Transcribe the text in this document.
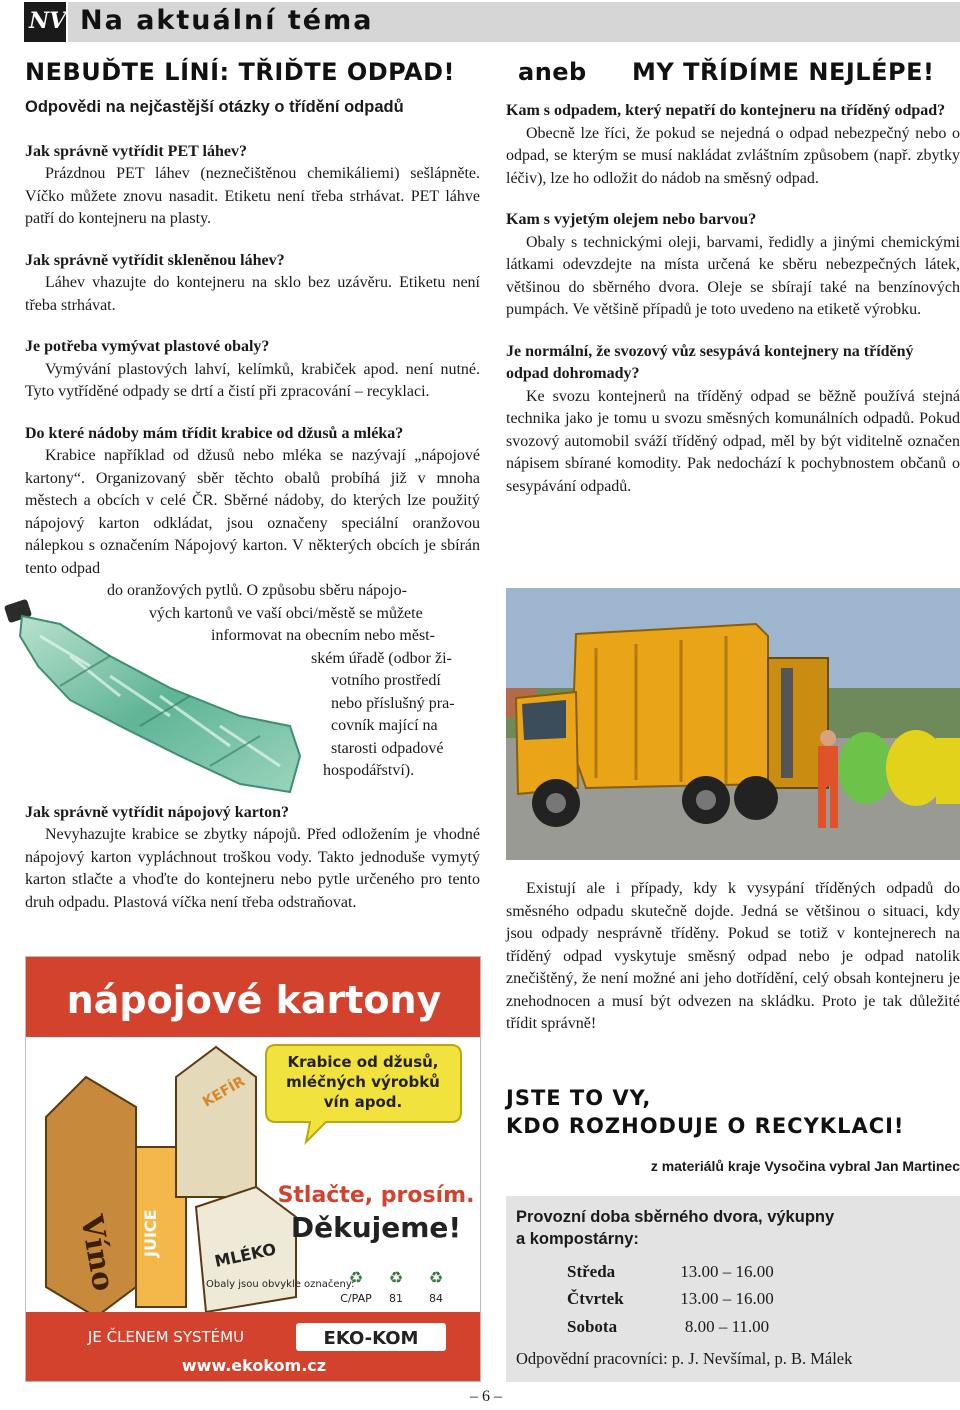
NV Na aktuální téma
NEBUĎTE LÍNÍ: TŘIĎTE ODPAD!	aneb MY TŘÍDÍME NEJLÉPE!

Odpovědi na nejčastější otázky o třídění odpadů

Jak správně vytřídit PET láhev?

Prázdnou PET láhev (neznečištěnou chemikáliemi) sešlápněte. Víčko můžete znovu nasadit. Etiketu není třeba strhávat. PET láhve patří do kontejneru na plasty.

Jak správně vytřídit skleněnou láhev?

Láhev vhazujte do kontejneru na sklo bez uzávěru. Etiketu není třeba strhávat.

Je potřeba vymývat plastové obaly?

Vymývání plastových lahví, kelímků, krabiček apod. není nutné. Tyto vytříděné odpady se drtí a čistí při zpracování – recyklaci.

Do které nádoby mám třídit krabice od džusů a mléka?

Krabice například od džusů nebo mléka se nazývají „nápojové kartony“. Organizovaný sběr těchto obalů probíhá již v mnoha městech a obcích v celé ČR. Sběrné nádoby, do kterých lze použitý nápojový karton odkládat, jsou označeny speciální oranžovou nálepkou s označením Nápojový karton. V některých obcích je sbírán tento odpad

do oranžových pytlů. O způsobu sběru nápojo-

vých kartonů ve vaší obci/městě se můžete

informovat na obecním nebo měst-

ském úřadě (odbor ži-

votního prostředí

nebo příslušný pra-

covník mající na

starosti odpadové

hospodářství).

Jak správně vytřídit nápojový karton?

Nevyhazujte krabice se zbytky nápojů. Před odložením je vhodné nápojový karton vypláchnout troškou vody. Takto jednoduše vymytý karton stlačte a vhoďte do kontejneru nebo pytle určeného pro tento druh odpadu. Plastová víčka není třeba odstraňovat.

Kam s odpadem, který nepatří do kontejneru na tříděný odpad?

Obecně lze říci, že pokud se nejedná o odpad nebezpečný nebo o odpad, se kterým se musí nakládat zvláštním způsobem (např. zbytky léčiv), lze ho odložit do nádob na směsný odpad.

Kam s vyjetým olejem nebo barvou?

Obaly s technickými oleji, barvami, ředidly a jinými chemickými látkami odevzdejte na místa určená ke sběru nebezpečných látek, většinou do sběrného dvora. Oleje se sbírají také na benzínových pumpách. Ve většině případů je toto uvedeno na etiketě výrobku.

Je normální, že svozový vůz sesypává kontejnery na tříděný odpad dohromady?

Ke svozu kontejnerů na tříděný odpad se běžně používá stejná technika jako je tomu u svozu směsných komunálních odpadů. Pokud svozový automobil sváží tříděný odpad, měl by být viditelně označen nápisem sbírané komodity. Pak nedochází k pochybnostem občanů o sesypávání odpadů.

Existují ale i případy, kdy k vysypání tříděných odpadů do směsného odpadu skutečně dojde. Jedná se většinou o situaci, kdy jsou odpady nesprávně tříděny. Pokud se totiž v kontejnerech na tříděný odpad vyskytuje směsný odpad nebo je odpad natolik znečištěný, že není možné ani jeho dotřídění, celý obsah kontejneru je znehodnocen a musí být odvezen na skládku. Proto je tak důležité třídit správně!

nápojové kartony
Krabice od džusů,
mléčných výrobků
vín apod.
Víno JUICE
KEFÍR
MLÉKO
Stlačte, prosím.
Děkujeme!
Obaly jsou obvykle označeny:
C/PAP 81 84
♻ ♻ ♻
JE ČLENEM SYSTÉMU	EKO-KOM
www.ekokom.cz
JSTE TO VY,
KDO ROZHODUJE O RECYKLACI!
z materiálů kraje Vysočina vybral Jan Martinec
Provozní doba sběrného dvora, výkupny
a kompostárny:
Středa	13.00 – 16.00
Čtvrtek	13.00 – 16.00
Sobota	8.00 – 11.00
Odpovědní pracovníci: p. J. Nevšímal, p. B. Málek
– 6 –
